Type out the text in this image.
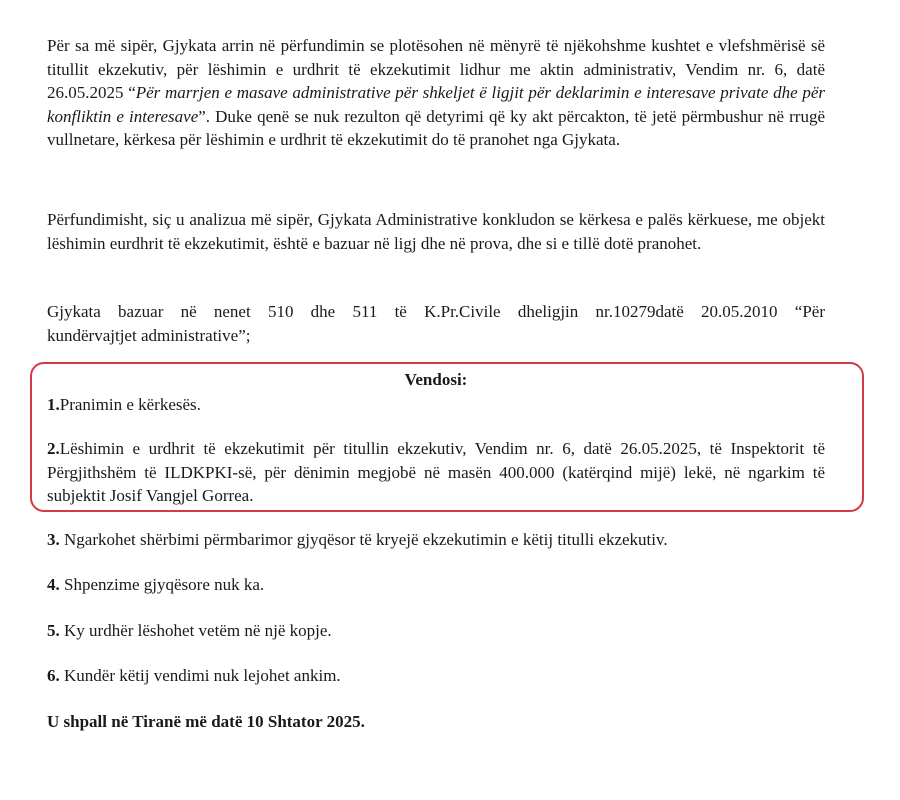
Për sa më sipër, Gjykata arrin në përfundimin se plotësohen në mënyrë të njëkohshme kushtet e vlefshmërisë së titullit ekzekutiv, për lëshimin e urdhrit të ekzekutimit lidhur me aktin administrativ, Vendim nr. 6, datë 26.05.2025 “Për marrjen e masave administrative për shkeljet ë ligjit për deklarimin e interesave private dhe për konfliktin e interesave”. Duke qenë se nuk rezulton që detyrimi që ky akt përcakton, të jetë përmbushur në rrugë vullnetare, kërkesa për lëshimin e urdhrit të ekzekutimit do të pranohet nga Gjykata.

Përfundimisht, siç u analizua më sipër, Gjykata Administrative konkludon se kërkesa e palës kërkuese, me objekt lëshimin eurdhrit të ekzekutimit, është e bazuar në ligj dhe në prova, dhe si e tillë dotë pranohet.

Gjykata bazuar në nenet 510 dhe 511 të K.Pr.Civile dheligjin nr.10279datë 20.05.2010 “Për
kundërvajtjet administrative”;

Vendosi:

1.Pranimin e kërkesës.

2.Lëshimin e urdhrit të ekzekutimit për titullin ekzekutiv, Vendim nr. 6, datë 26.05.2025, të Inspektorit të Përgjithshëm të ILDKPKI-së, për dënimin megjobë në masën 400.000 (katërqind mijë) lekë, në ngarkim të subjektit Josif Vangjel Gorrea.

3. Ngarkohet shërbimi përmbarimor gjyqësor të kryejë ekzekutimin e këtij titulli ekzekutiv.

4. Shpenzime gjyqësore nuk ka.

5. Ky urdhër lëshohet vetëm në një kopje.

6. Kundër këtij vendimi nuk lejohet ankim.

U shpall në Tiranë më datë 10 Shtator 2025.
